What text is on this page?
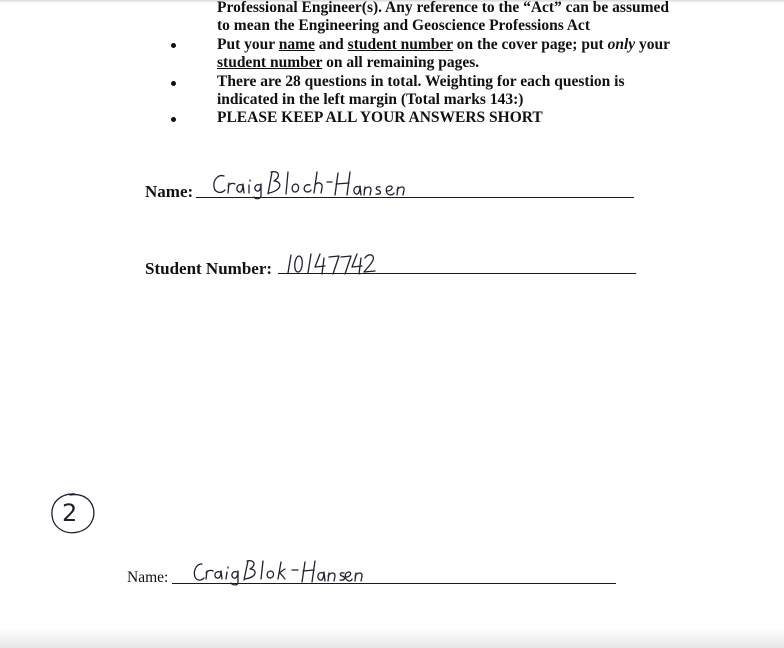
Professional Engineer(s). Any reference to the “Act” can be assumed
to mean the Engineering and Geoscience Professions Act
Put your name and student number on the cover page; put only your
student number on all remaining pages.
There are 28 questions in total. Weighting for each question is
indicated in the left margin (Total marks 143:)
PLEASE KEEP ALL YOUR ANSWERS SHORT
Name:
Student Number:
2
Name:
